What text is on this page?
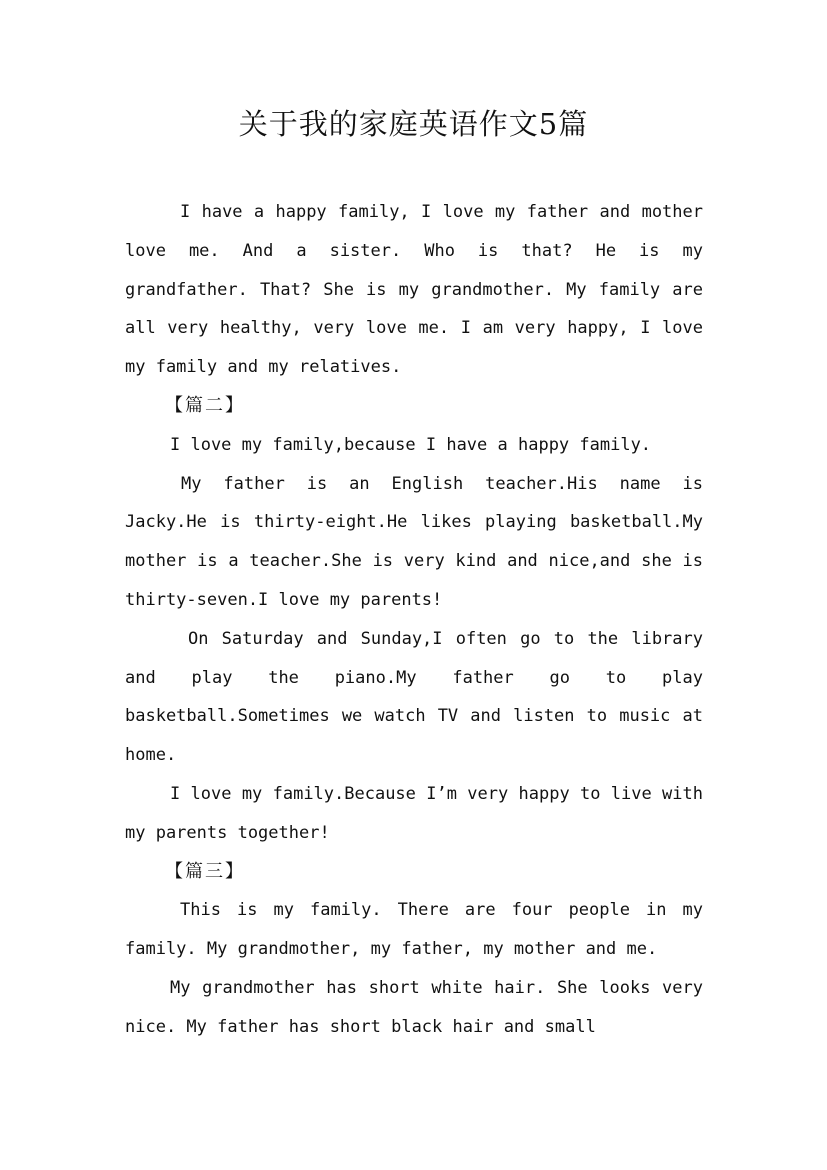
关于我的家庭英语作文5篇

I have a happy family, I love my father and mother love me. And a sister. Who is that? He is my grandfather. That? She is my grandmother. My family are all very healthy, very love me. I am very happy, I love my family and my relatives.

【篇二】

I love my family,because I have a happy family.

My father is an English teacher.His name is Jacky.He is thirty-eight.He likes playing basketball.My mother is a teacher.She is very kind and nice,and she is thirty-seven.I love my parents!

On Saturday and Sunday,I often go to the library and play the piano.My father go to play basketball.Sometimes we watch TV and listen to music at home.

I love my family.Because I’m very happy to live with my parents together!

【篇三】

This is my family. There are four people in my family. My grandmother, my father, my mother and me.

My grandmother has short white hair. She looks very nice. My father has short black hair and small
